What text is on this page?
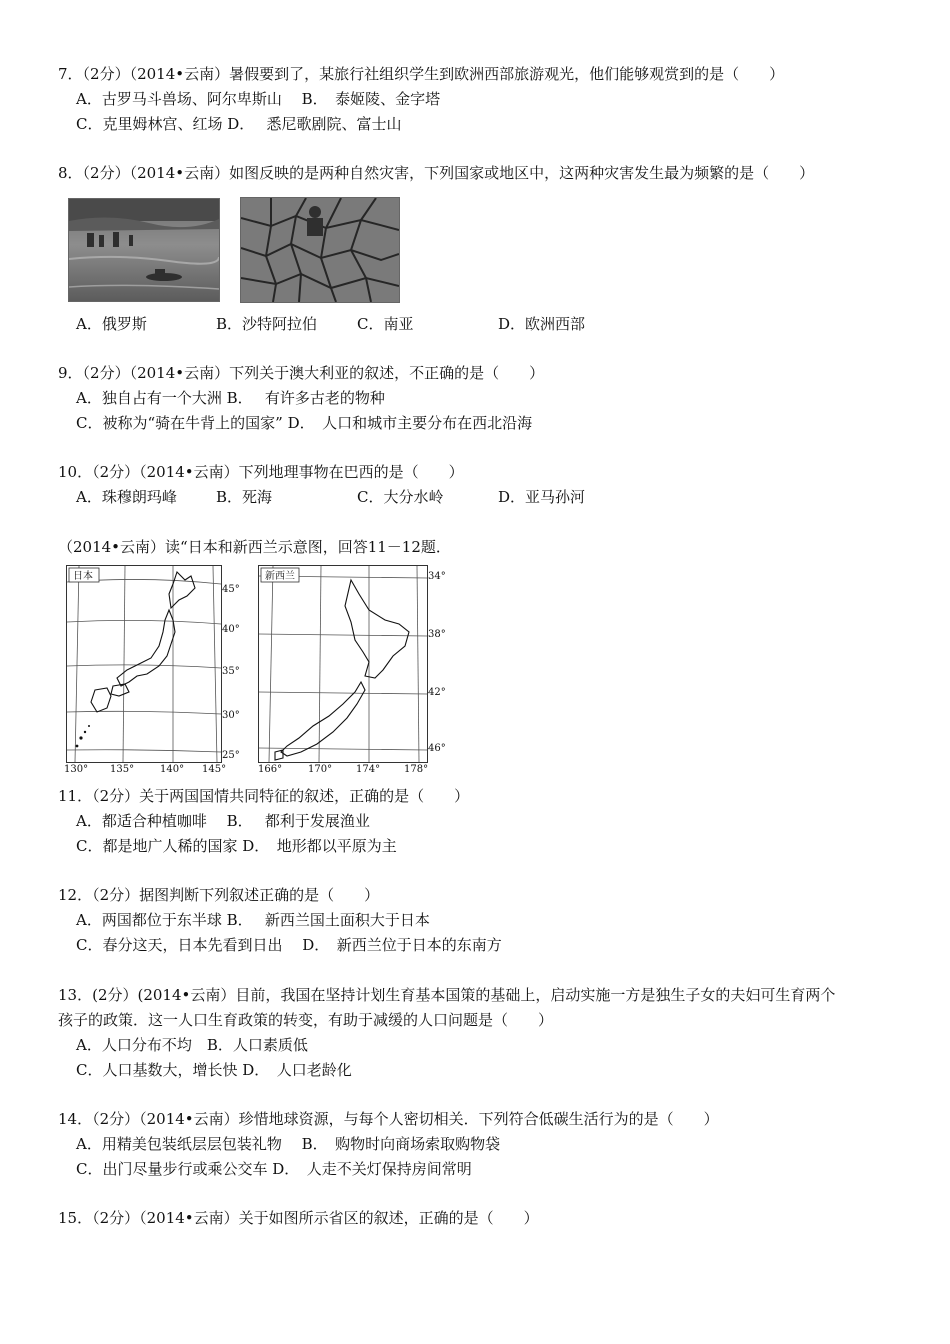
7．（2分）（2014•云南）暑假要到了，某旅行社组织学生到欧洲西部旅游观光，他们能够观赏到的是（　　）
A．古罗马斗兽场、阿尔卑斯山　 B．　泰姬陵、金字塔
C．克里姆林宫、红场 D．　 悉尼歌剧院、富士山
8．（2分）（2014•云南）如图反映的是两种自然灾害，下列国家或地区中，这两种灾害发生最为频繁的是（　　）
A．俄罗斯	B．沙特阿拉伯	C．南亚	D．欧洲西部
9．（2分）（2014•云南）下列关于澳大利亚的叙述，不正确的是（　　）
A．独自占有一个大洲 B．　 有许多古老的物种
C．被称为“骑在牛背上的国家” D．　人口和城市主要分布在西北沿海
10．（2分）（2014•云南）下列地理事物在巴西的是（　　）
A．珠穆朗玛峰	B．死海	C．大分水岭	D．亚马孙河
（2014•云南）读“日本和新西兰示意图，回答11－12题．
日本
45°
40°
35°
30°
25°
130° 135°	140° 145°
新西兰	34°
38°
42°
46°
166°	170° 174° 178°
11．（2分）关于两国国情共同特征的叙述，正确的是（　　）
A．都适合种植咖啡　 B．　 都利于发展渔业
C．都是地广人稀的国家 D．　地形都以平原为主
12．（2分）据图判断下列叙述正确的是（　　）
A．两国都位于东半球 B．　 新西兰国土面积大于日本
C．春分这天，日本先看到日出　 D．　新西兰位于日本的东南方
13．(2分）(2014•云南）目前，我国在坚持计划生育基本国策的基础上，启动实施一方是独生子女的夫妇可生育两个
孩子的政策．这一人口生育政策的转变，有助于减缓的人口问题是（　　）
A．人口分布不均　B．人口素质低
C．人口基数大，增长快 D．　人口老龄化
14．（2分）（2014•云南）珍惜地球资源，与每个人密切相关．下列符合低碳生活行为的是（　　）
A．用精美包装纸层层包装礼物　 B．　购物时向商场索取购物袋
C．出门尽量步行或乘公交车 D．　人走不关灯保持房间常明
15．（2分）（2014•云南）关于如图所示省区的叙述，正确的是（　　）
